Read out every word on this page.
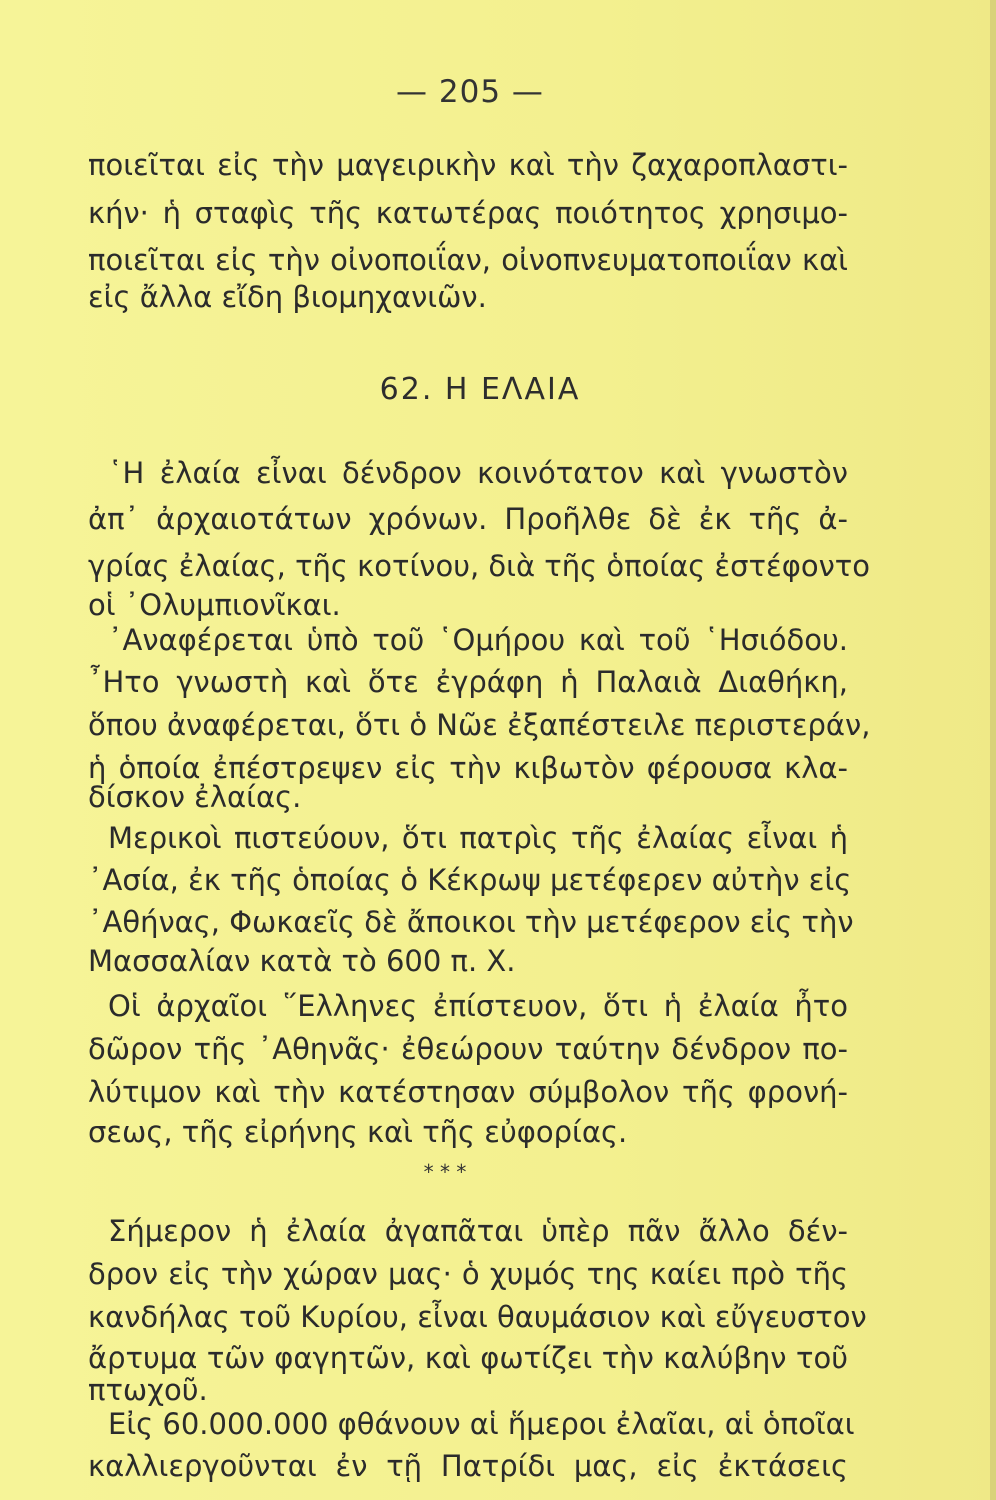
— 205 —
ποιεῖται εἰς τὴν μαγειρικὴν καὶ τὴν ζαχαροπλαστι-
κήν· ἡ σταφὶς τῆς κατωτέρας ποιότητος χρησιμο-
ποιεῖται εἰς τὴν οἰνοποιΐαν, οἰνοπνευματοποιΐαν καὶ
εἰς ἄλλα εἴδη βιομηχανιῶν.
62. Η ΕΛΑΙΑ
῾Η ἐλαία εἶναι δένδρον κοινότατον καὶ γνωστὸν
ἀπ᾽ ἀρχαιοτάτων χρόνων. Προῆλθε δὲ ἐκ τῆς ἀ-
γρίας ἐλαίας, τῆς κοτίνου, διὰ τῆς ὁποίας ἐστέφοντο
οἱ ᾿Ολυμπιονῖκαι.
᾿Αναφέρεται ὑπὸ τοῦ ῾Ομήρου καὶ τοῦ ῾Ησιόδου.
῏Ητο γνωστὴ καὶ ὅτε ἐγράφη ἡ Παλαιὰ Διαθήκη,
ὅπου ἀναφέρεται, ὅτι ὁ Νῶε ἐξαπέστειλε περιστεράν,
ἡ ὁποία ἐπέστρεψεν εἰς τὴν κιβωτὸν φέρουσα κλα-
δίσκον ἐλαίας.
Μερικοὶ πιστεύουν, ὅτι πατρὶς τῆς ἐλαίας εἶναι ἡ
᾿Ασία, ἐκ τῆς ὁποίας ὁ Κέκρωψ μετέφερεν αὐτὴν εἰς
᾿Αθήνας, Φωκαεῖς δὲ ἄποικοι τὴν μετέφερον εἰς τὴν
Μασσαλίαν κατὰ τὸ 600 π. Χ.
Οἱ ἀρχαῖοι ῞Ελληνες ἐπίστευον, ὅτι ἡ ἐλαία ἦτο
δῶρον τῆς ᾿Αθηνᾶς· ἐθεώρουν ταύτην δένδρον πο-
λύτιμον καὶ τὴν κατέστησαν σύμβολον τῆς φρονή-
σεως, τῆς εἰρήνης καὶ τῆς εὐφορίας.
* * *
Σήμερον ἡ ἐλαία ἀγαπᾶται ὑπὲρ πᾶν ἄλλο δέν-
δρον εἰς τὴν χώραν μας· ὁ χυμός της καίει πρὸ τῆς
κανδήλας τοῦ Κυρίου, εἶναι θαυμάσιον καὶ εὔγευστον
ἄρτυμα τῶν φαγητῶν, καὶ φωτίζει τὴν καλύβην τοῦ
πτωχοῦ.
Εἰς 60.000.000 φθάνουν αἱ ἥμεροι ἐλαῖαι, αἱ ὁποῖαι
καλλιεργοῦνται ἐν τῇ Πατρίδι μας, εἰς ἐκτάσεις
